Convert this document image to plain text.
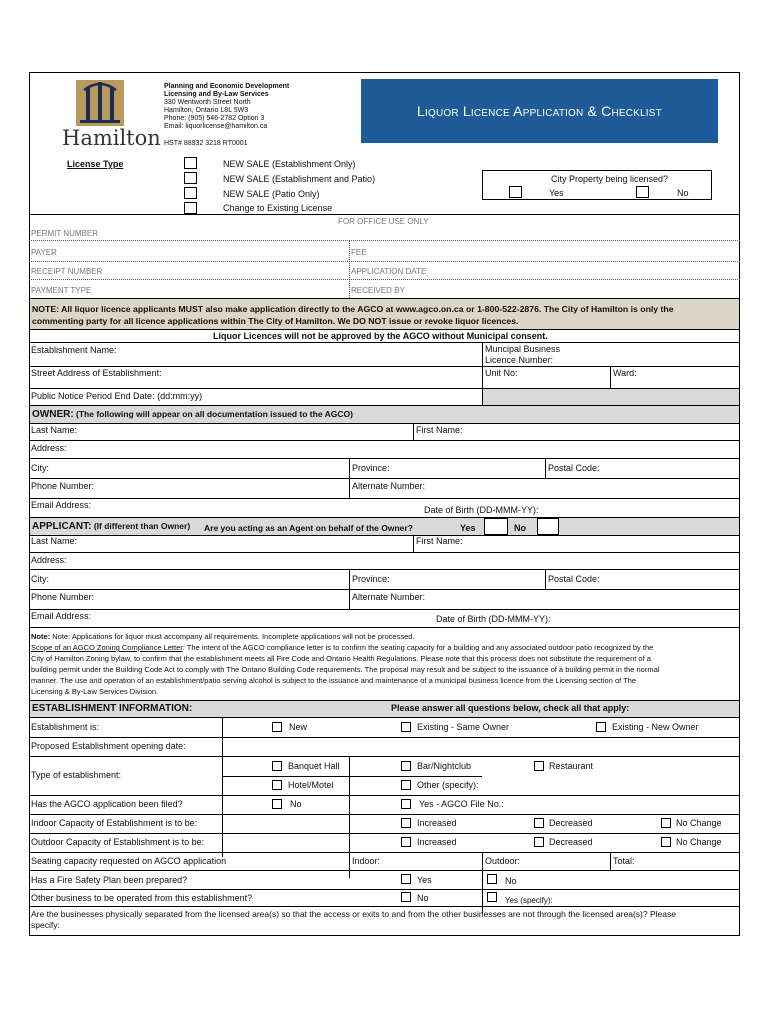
Hamilton
Planning and Economic Development
Licensing and By-Law Services
330 Wentworth Street North
Hamilton, Ontario L8L 5W3
Phone: (905) 546-2782 Option 3
Email: liquorlicense@hamilton.ca
HST# 88932 3218 RT0001
Liquor Licence Application & Checklist
License Type	NEW SALE (Establishment Only)
NEW SALE (Establishment and Patio)
NEW SALE (Patio Only)
Change to Existing License
City Property being licensed?
Yes	No
FOR OFFICE USE ONLY
PERMIT NUMBER
PAYER	FEE
RECEIPT NUMBER	APPLICATION DATE
PAYMENT TYPE	RECEIVED BY
NOTE: All liquor licence applicants MUST also make application directly to the AGCO at www.agco.on.ca or 1-800-522-2876. The City of Hamilton is only the
commenting party for all licence applications within The City of Hamilton. We DO NOT issue or revoke liquor licences.
Liquor Licences will not be approved by the AGCO without Municipal consent.
Establishment Name:	Muncipal Business
Licence Number:
Street Address of Establishment:	Unit No:	Ward:
Public Notice Period End Date: (dd:mm:yy)
OWNER: (The following will appear on all documentation issued to the AGCO)
Last Name:	First Name:
Address:
City:	Province:	Postal Code:
Phone Number:	Alternate Number:
Email Address:	Date of Birth (DD-MMM-YY):
APPLICANT: (If different than Owner) Are you acting as an Agent on behalf of the Owner?	Yes	No
Last Name:	First Name:
Address:
City:	Province:	Postal Code:
Phone Number:	Alternate Number:
Email Address:	Date of Birth (DD-MMM-YY):
Note: Note: Applications for liquor must accompany all requirements. Incomplete applications will not be processed.
Scope of an AGCO Zoning Compliance Letter: The intent of the AGCO compliance letter is to confirm the seating capacity for a building and any associated outdoor patio recognized by the
City of Hamilton Zoning bylaw, to confirm that the establishment meets all Fire Code and Ontario Health Regulations. Please note that this process does not substitute the requirement of a
building permit under the Building Code Act to comply with The Ontario Building Code requirements. The proposal may result and be subject to the issuance of a building permit in the normal
manner. The use and operation of an establishment/patio serving alcohol is subject to the issuance and maintenance of a municipal business licence from the Licensing section of The
Licensing & By-Law Services Division.
ESTABLISHMENT INFORMATION:	Please answer all questions below, check all that apply:
Establishment is:	New	Existing - Same Owner	Existing - New Owner
Proposed Establishment opening date:
Type of establishment:
Banquet Hall	Bar/Nightclub	Restaurant
Hotel/Motel	Other (specify):
Has the AGCO application been filed?	No	Yes - AGCO File No.:
Indoor Capacity of Establishment is to be:	Increased	Decreased	No Change
Outdoor Capacity of Establishment is to be:	Increased	Decreased	No Change
Seating capacity requested on AGCO application	Indoor:	Outdoor:	Total:
Has a Fire Safety Plan been prepared?	Yes	No
Other business to be operated from this establishment?	No	Yes (specify):
Are the businesses physically separated from the licensed area(s) so that the access or exits to and from the other businesses are not through the licensed area(s)? Please
specify:
